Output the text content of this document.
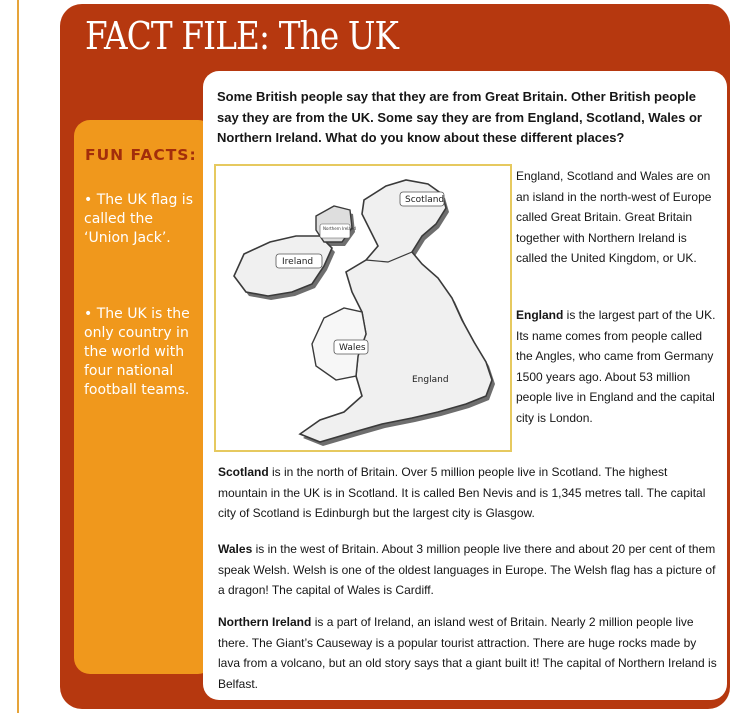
FACT FILE: The UK
FUN FACTS:
• The UK flag is called the ‘Union Jack’.
• The UK is the only country in the world with four national football teams.
Some British people say that they are from Great Britain. Other British people say they are from the UK. Some say they are from England, Scotland, Wales or Northern Ireland. What do you know about these different places?
Scotland
Northern Ireland
Ireland
Wales
England
England, Scotland and Wales are on an island in the north-west of Europe called Great Britain. Great Britain together with Northern Ireland is called the United Kingdom, or UK.
England is the largest part of the UK. Its name comes from people called the Angles, who came from Germany 1500 years ago. About 53 million people live in England and the capital city is London.
Scotland is in the north of Britain. Over 5 million people live in Scotland. The highest mountain in the UK is in Scotland. It is called Ben Nevis and is 1,345 metres tall. The capital city of Scotland is Edinburgh but the largest city is Glasgow.
Wales is in the west of Britain. About 3 million people live there and about 20 per cent of them speak Welsh. Welsh is one of the oldest languages in Europe. The Welsh flag has a picture of a dragon! The capital of Wales is Cardiff.
Northern Ireland is a part of Ireland, an island west of Britain. Nearly 2 million people live there. The Giant’s Causeway is a popular tourist attraction. There are huge rocks made by lava from a volcano, but an old story says that a giant built it! The capital of Northern Ireland is Belfast.
